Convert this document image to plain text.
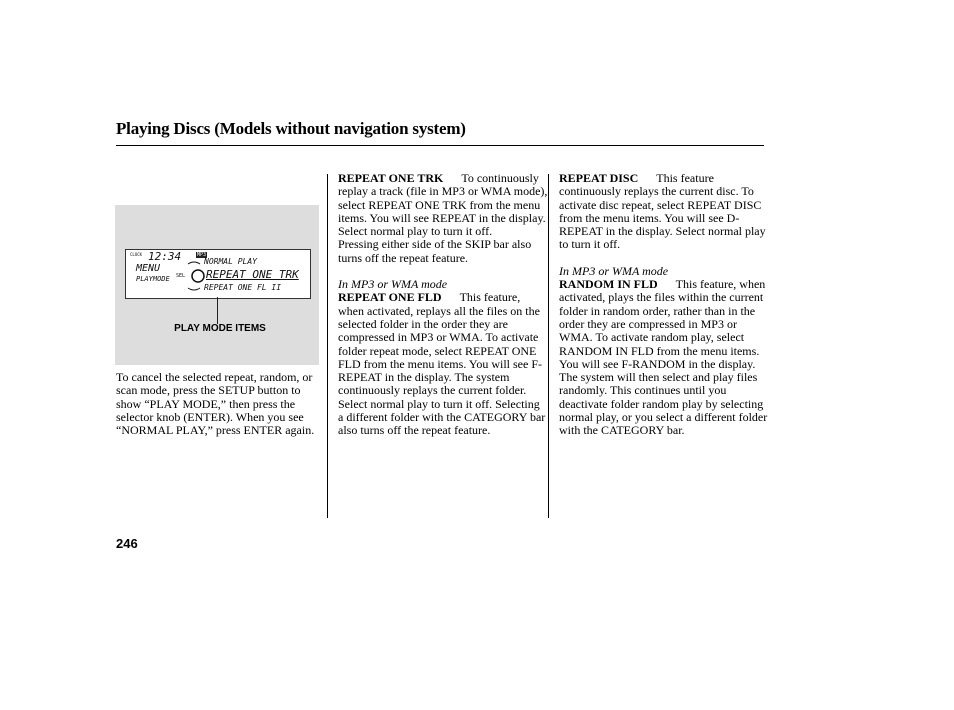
Playing Discs (Models without navigation system)
CLOCK 12:34	MP3
MENU
PLAYMODE SEL
NORMAL PLAY
REPEAT ONE TRK
REPEAT ONE FL II
PLAY MODE ITEMS

To cancel the selected repeat, random, or scan mode, press the SETUP button to show “PLAY MODE,” then press the selector knob (ENTER). When you see “NORMAL PLAY,” press ENTER again.

REPEAT ONE TRK To continuously replay a track (file in MP3 or WMA mode), select REPEAT ONE TRK from the menu items. You will see REPEAT in the display. Select normal play to turn it off.

Pressing either side of the SKIP bar also turns off the repeat feature.

In MP3 or WMA mode

REPEAT ONE FLD This feature, when activated, replays all the files on the selected folder in the order they are compressed in MP3 or WMA. To activate folder repeat mode, select REPEAT ONE FLD from the menu items. You will see F-REPEAT in the display. The system continuously replays the current folder. Select normal play to turn it off. Selecting a different folder with the CATEGORY bar also turns off the repeat feature.

REPEAT DISC This feature continuously replays the current disc. To activate disc repeat, select REPEAT DISC from the menu items. You will see D-REPEAT in the display. Select normal play to turn it off.

In MP3 or WMA mode

RANDOM IN FLD This feature, when activated, plays the files within the current folder in random order, rather than in the order they are compressed in MP3 or WMA. To activate random play, select RANDOM IN FLD from the menu items. You will see F-RANDOM in the display. The system will then select and play files randomly. This continues until you deactivate folder random play by selecting normal play, or you select a different folder with the CATEGORY bar.

246
